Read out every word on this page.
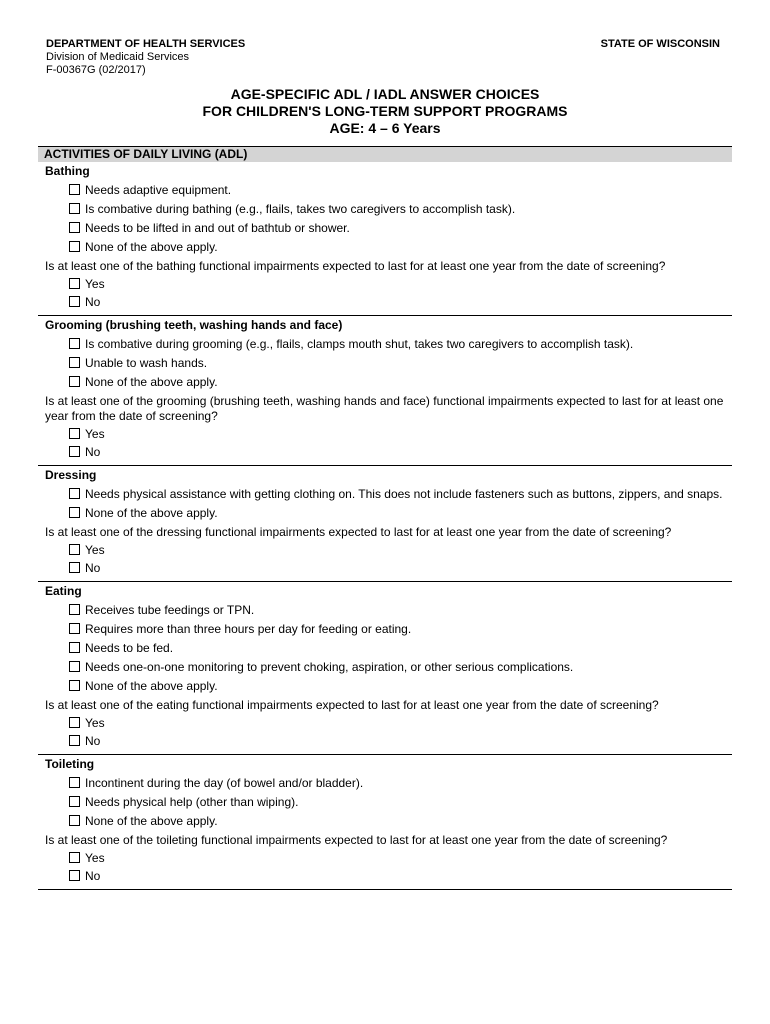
DEPARTMENT OF HEALTH SERVICES
Division of Medicaid Services
F-00367G (02/2017)
STATE OF WISCONSIN
AGE-SPECIFIC ADL / IADL ANSWER CHOICES
FOR CHILDREN'S LONG-TERM SUPPORT PROGRAMS
AGE: 4 – 6 Years
ACTIVITIES OF DAILY LIVING (ADL)
Bathing
Needs adaptive equipment.
Is combative during bathing (e.g., flails, takes two caregivers to accomplish task).
Needs to be lifted in and out of bathtub or shower.
None of the above apply.
Is at least one of the bathing functional impairments expected to last for at least one year from the date of screening?
Yes
No
Grooming (brushing teeth, washing hands and face)
Is combative during grooming (e.g., flails, clamps mouth shut, takes two caregivers to accomplish task).
Unable to wash hands.
None of the above apply.
Is at least one of the grooming (brushing teeth, washing hands and face) functional impairments expected to last for at least one year from the date of screening?
Yes
No
Dressing
Needs physical assistance with getting clothing on. This does not include fasteners such as buttons, zippers, and snaps.
None of the above apply.
Is at least one of the dressing functional impairments expected to last for at least one year from the date of screening?
Yes
No
Eating
Receives tube feedings or TPN.
Requires more than three hours per day for feeding or eating.
Needs to be fed.
Needs one-on-one monitoring to prevent choking, aspiration, or other serious complications.
None of the above apply.
Is at least one of the eating functional impairments expected to last for at least one year from the date of screening?
Yes
No
Toileting
Incontinent during the day (of bowel and/or bladder).
Needs physical help (other than wiping).
None of the above apply.
Is at least one of the toileting functional impairments expected to last for at least one year from the date of screening?
Yes
No
